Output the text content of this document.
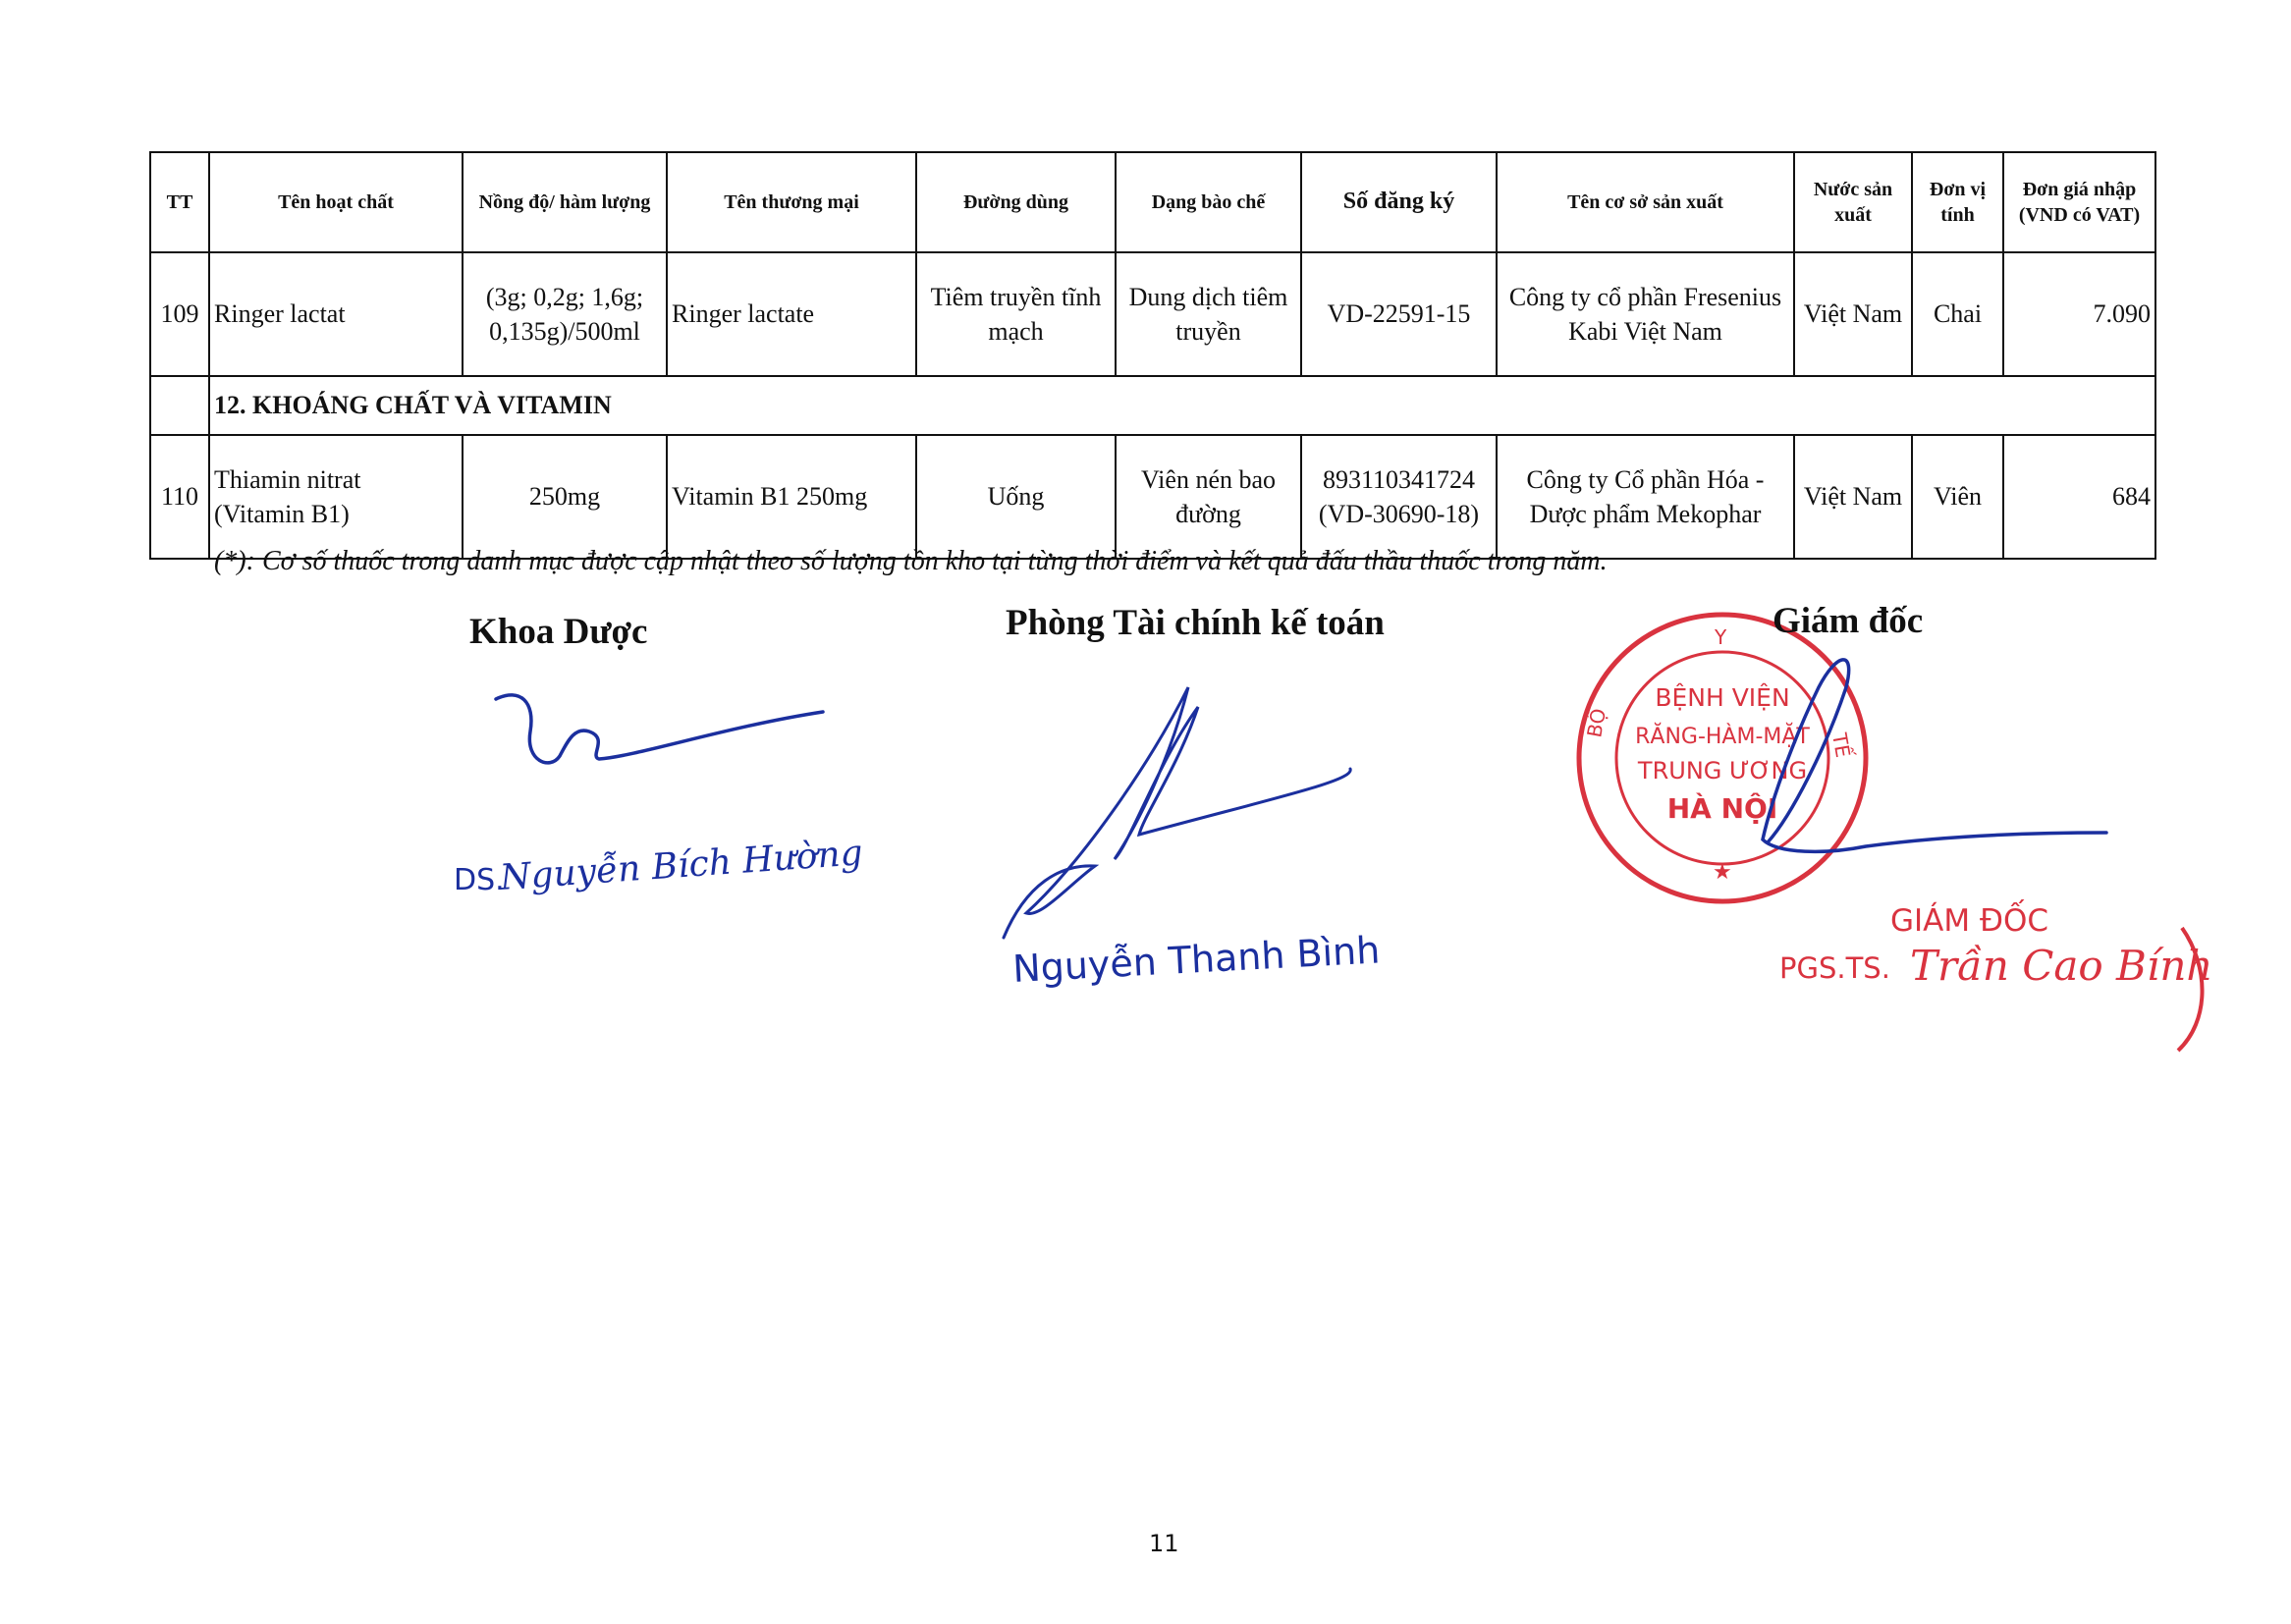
TT	Tên hoạt chất	Nồng độ/ hàm lượng	Tên thương mại	Đường dùng	Dạng bào chế	Số đăng ký	Tên cơ sở sản xuất	Nước sản xuất	Đơn vị tính	Đơn giá nhập (VND có VAT)
109	Ringer lactat	(3g; 0,2g; 1,6g; 0,135g)/500ml	Ringer lactate	Tiêm truyền tĩnh mạch	Dung dịch tiêm truyền	VD-22591-15	Công ty cổ phần Fresenius Kabi Việt Nam	Việt Nam	Chai	7.090
	12. KHOÁNG CHẤT VÀ VITAMIN									
110	Thiamin nitrat (Vitamin B1)	250mg	Vitamin B1 250mg	Uống	Viên nén bao đường	893110341724 (VD-30690-18)	Công ty Cổ phần Hóa - Dược phẩm Mekophar	Việt Nam	Viên	684
(*): Cơ số thuốc trong danh mục được cập nhật theo số lượng tồn kho tại từng thời điểm và kết quả đấu thầu thuốc trong năm.
Khoa Dược	Phòng Tài chính kế toán
DS.
Nguyễn Bích Hường
Nguyễn Thanh Bình
Y
BỘ
TẾ
BỆNH VIỆN
RĂNG-HÀM-MẶT
TRUNG ƯƠNG
HÀ NỘI
★
GIÁM ĐỐC
PGS.TS. Trần Cao Bính
Giám đốc
11
